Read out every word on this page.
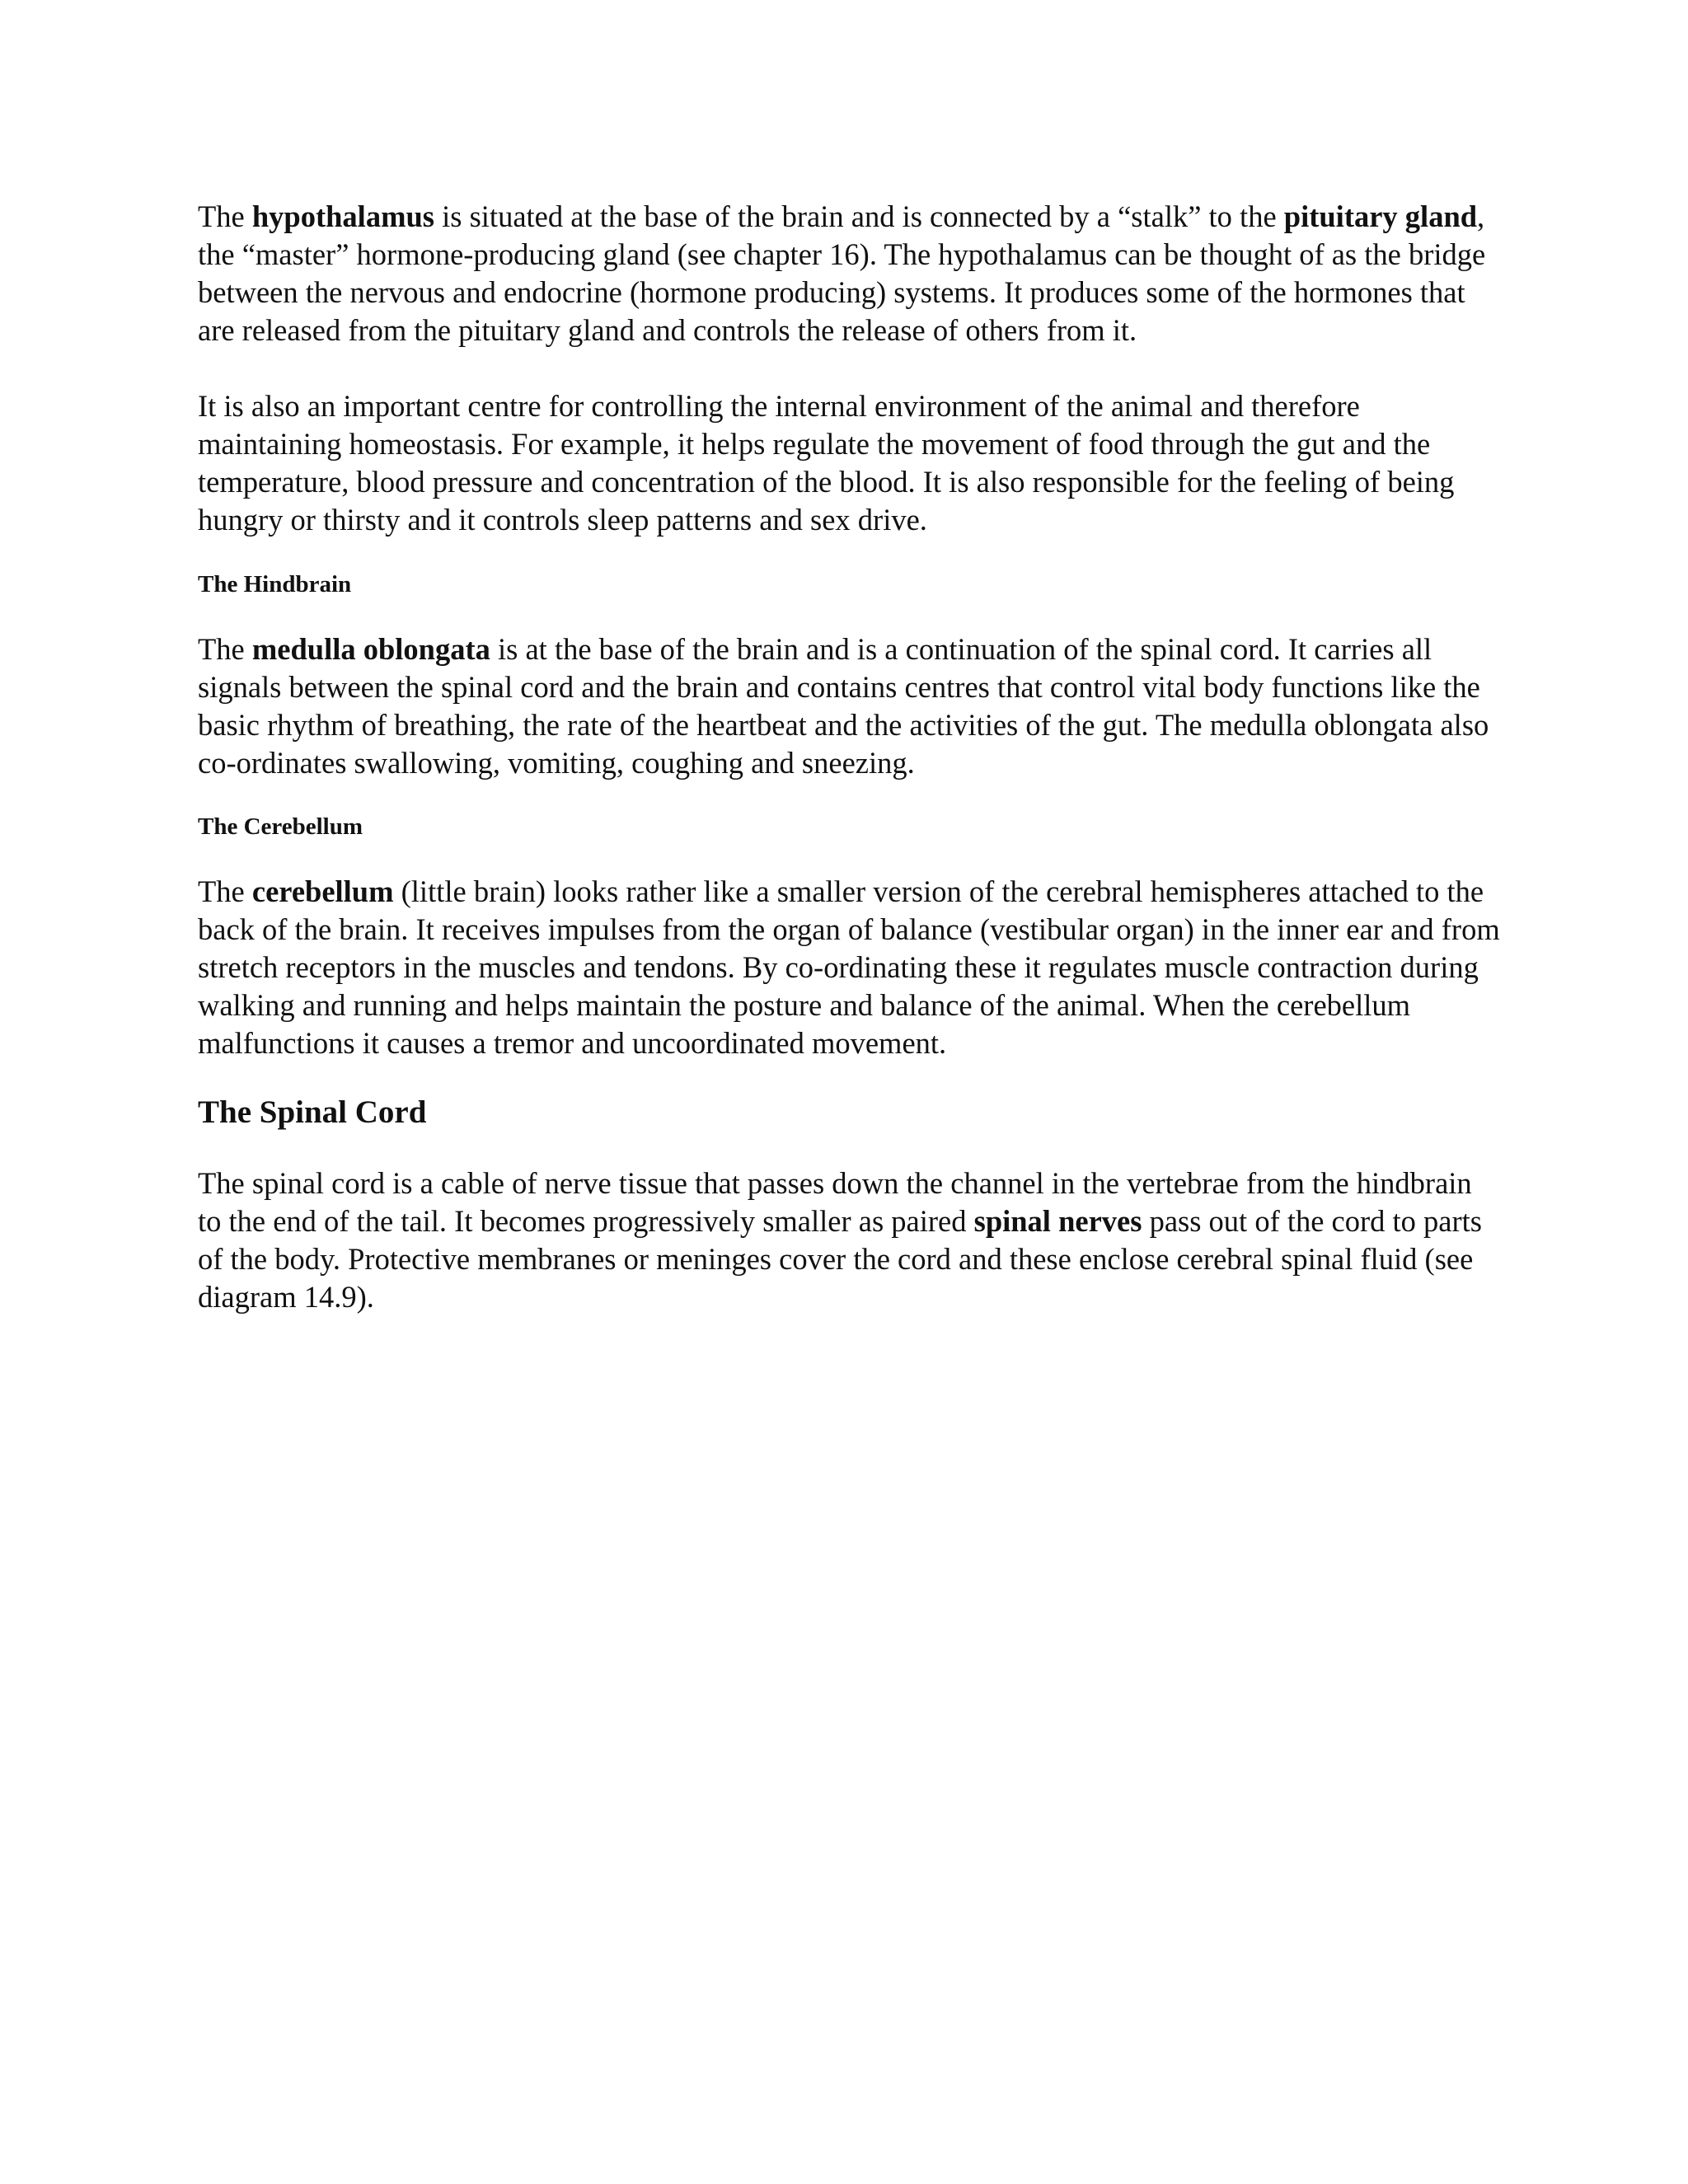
The hypothalamus is situated at the base of the brain and is connected by a “stalk” to the pituitary gland, the “master” hormone-producing gland (see chapter 16). The hypothalamus can be thought of as the bridge between the nervous and endocrine (hormone producing) systems. It produces some of the hormones that are released from the pituitary gland and controls the release of others from it.

It is also an important centre for controlling the internal environment of the animal and therefore maintaining homeostasis. For example, it helps regulate the movement of food through the gut and the temperature, blood pressure and concentration of the blood. It is also responsible for the feeling of being hungry or thirsty and it controls sleep patterns and sex drive.

The Hindbrain

The medulla oblongata is at the base of the brain and is a continuation of the spinal cord. It carries all signals between the spinal cord and the brain and contains centres that control vital body functions like the basic rhythm of breathing, the rate of the heartbeat and the activities of the gut. The medulla oblongata also co-ordinates swallowing, vomiting, coughing and sneezing.

The Cerebellum

The cerebellum (little brain) looks rather like a smaller version of the cerebral hemispheres attached to the back of the brain. It receives impulses from the organ of balance (vestibular organ) in the inner ear and from stretch receptors in the muscles and tendons. By co-ordinating these it regulates muscle contraction during walking and running and helps maintain the posture and balance of the animal. When the cerebellum malfunctions it causes a tremor and uncoordinated movement.

The Spinal Cord

The spinal cord is a cable of nerve tissue that passes down the channel in the vertebrae from the hindbrain to the end of the tail. It becomes progressively smaller as paired spinal nerves pass out of the cord to parts of the body. Protective membranes or meninges cover the cord and these enclose cerebral spinal fluid (see diagram 14.9).
